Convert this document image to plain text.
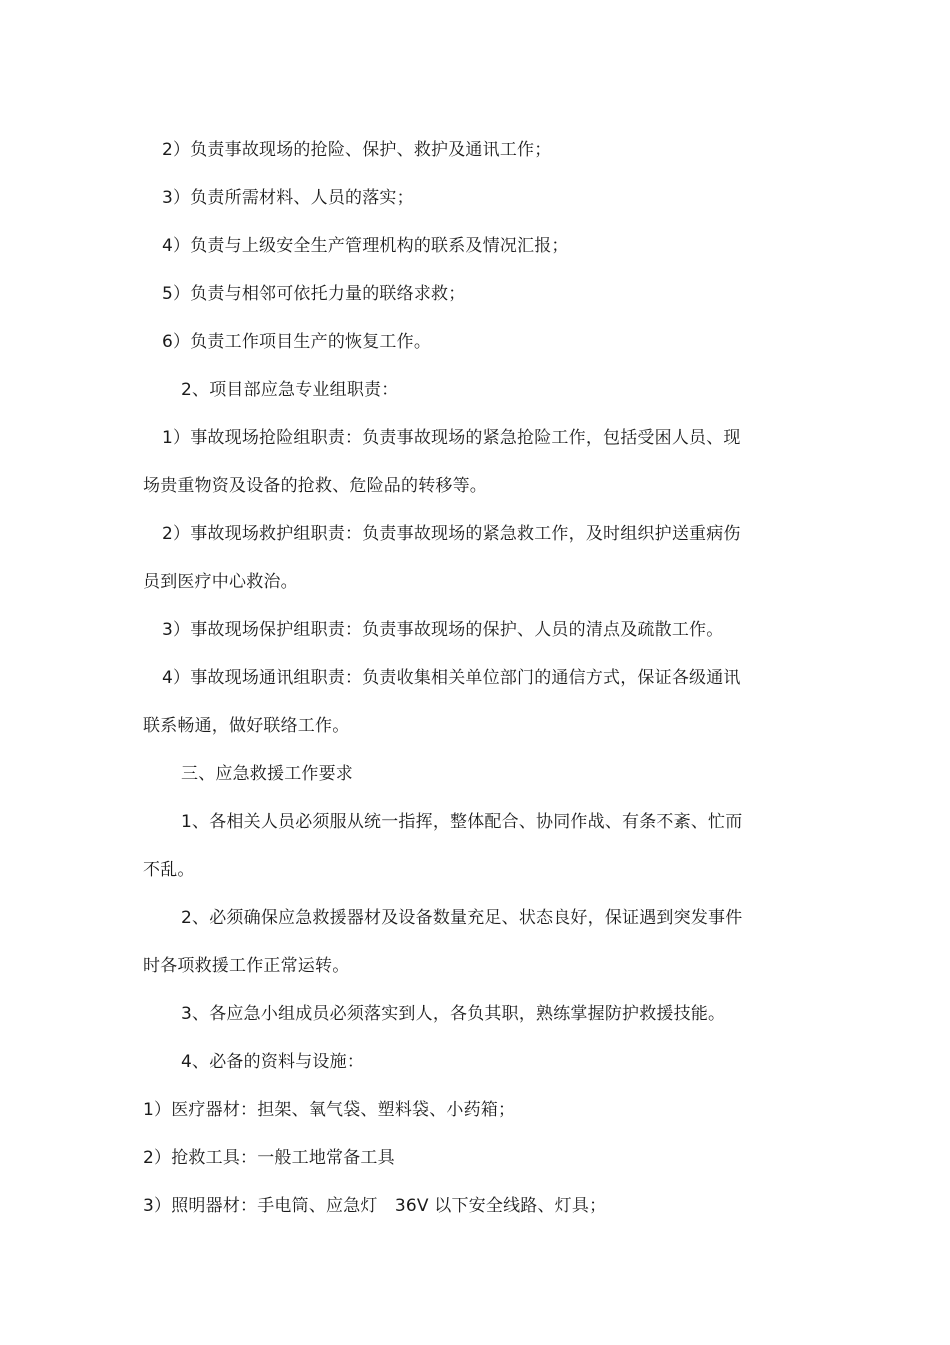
2）负责事故现场的抢险、保护、救护及通讯工作；

3）负责所需材料、人员的落实；

4）负责与上级安全生产管理机构的联系及情况汇报；

5）负责与相邻可依托力量的联络求救；

6）负责工作项目生产的恢复工作。

2、项目部应急专业组职责：

1）事故现场抢险组职责：负责事故现场的紧急抢险工作，包括受困人员、现

场贵重物资及设备的抢救、危险品的转移等。

2）事故现场救护组职责：负责事故现场的紧急救工作，及时组织护送重病伤

员到医疗中心救治。

3）事故现场保护组职责：负责事故现场的保护、人员的清点及疏散工作。

4）事故现场通讯组职责：负责收集相关单位部门的通信方式，保证各级通讯

联系畅通，做好联络工作。

三、应急救援工作要求

1、各相关人员必须服从统一指挥，整体配合、协同作战、有条不紊、忙而

不乱。

2、必须确保应急救援器材及设备数量充足、状态良好，保证遇到突发事件

时各项救援工作正常运转。

3、各应急小组成员必须落实到人，各负其职，熟练掌握防护救援技能。

4、必备的资料与设施：

1）医疗器材：担架、氧气袋、塑料袋、小药箱；

2）抢救工具：一般工地常备工具

3）照明器材：手电筒、应急灯　36V 以下安全线路、灯具；
